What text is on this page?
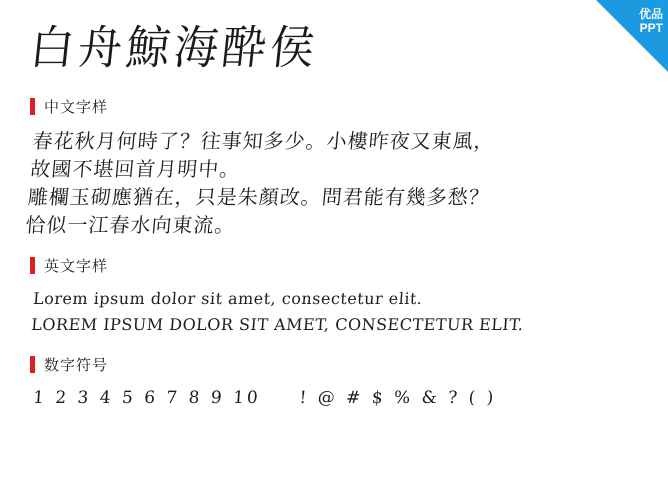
优品
PPT
白舟鯨海酔侯
中文字样
春花秋月何時了？往事知多少。小樓昨夜又東風，
故國不堪回首月明中。
雕欄玉砌應猶在，只是朱顏改。問君能有幾多愁？
恰似一江春水向東流。
英文字样
Lorem ipsum dolor sit amet, consectetur elit.
LOREM IPSUM DOLOR SIT AMET, CONSECTETUR ELIT.
数字符号
1 2 3 4 5 6 7 8 9 10 ! @ # $ % & ? ( )
